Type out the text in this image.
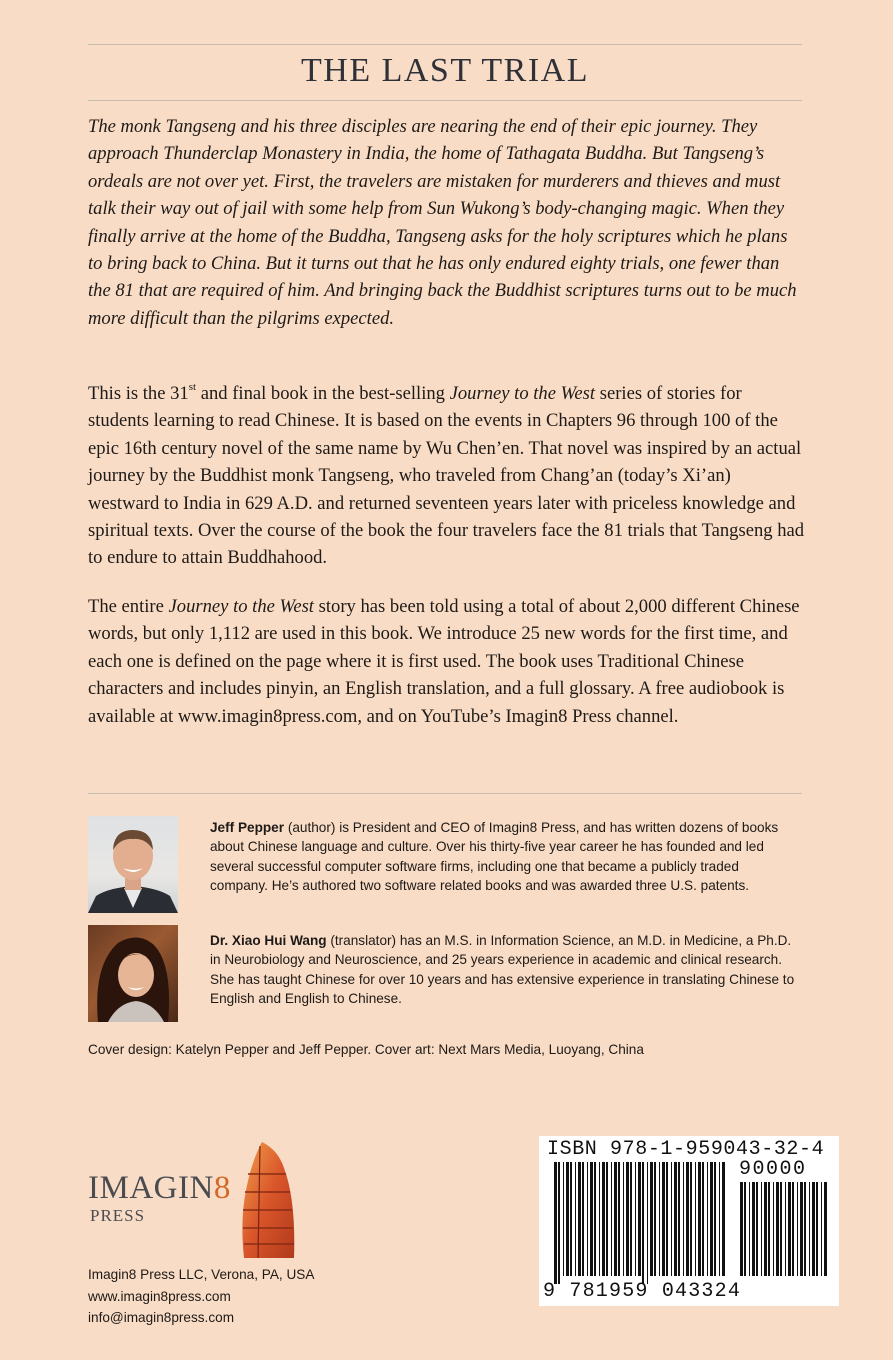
THE LAST TRIAL

The monk Tangseng and his three disciples are nearing the end of their epic journey. They approach Thunderclap Monastery in India, the home of Tathagata Buddha. But Tangseng’s ordeals are not over yet. First, the travelers are mistaken for murderers and thieves and must talk their way out of jail with some help from Sun Wukong’s body-changing magic. When they finally arrive at the home of the Buddha, Tangseng asks for the holy scriptures which he plans to bring back to China. But it turns out that he has only endured eighty trials, one fewer than the 81 that are required of him. And bringing back the Buddhist scriptures turns out to be much more difficult than the pilgrims expected.

This is the 31st and final book in the best-selling Journey to the West series of stories for students learning to read Chinese. It is based on the events in Chapters 96 through 100 of the epic 16th century novel of the same name by Wu Chen’en. That novel was inspired by an actual journey by the Buddhist monk Tangseng, who traveled from Chang’an (today’s Xi’an) westward to India in 629 A.D. and returned seventeen years later with priceless knowledge and spiritual texts. Over the course of the book the four travelers face the 81 trials that Tangseng had to endure to attain Buddhahood.

The entire Journey to the West story has been told using a total of about 2,000 different Chinese words, but only 1,112 are used in this book. We introduce 25 new words for the first time, and each one is defined on the page where it is first used. The book uses Traditional Chinese characters and includes pinyin, an English translation, and a full glossary. A free audiobook is available at www.imagin8press.com, and on YouTube’s Imagin8 Press channel.

Jeff Pepper (author) is President and CEO of Imagin8 Press, and has written dozens of books about Chinese language and culture. Over his thirty-five year career he has founded and led several successful computer software firms, including one that became a publicly traded company. He’s authored two software related books and was awarded three U.S. patents.

Dr. Xiao Hui Wang (translator) has an M.S. in Information Science, an M.D. in Medicine, a Ph.D. in Neurobiology and Neuroscience, and 25 years experience in academic and clinical research. She has taught Chinese for over 10 years and has extensive experience in translating Chinese to English and English to Chinese.

Cover design: Katelyn Pepper and Jeff Pepper. Cover art: Next Mars Media, Luoyang, China

IMAGIN8
PRESS
Imagin8 Press LLC, Verona, PA, USA
www.imagin8press.com
info@imagin8press.com
ISBN 978-1-959043-32-4
90000
9 781959 043324
